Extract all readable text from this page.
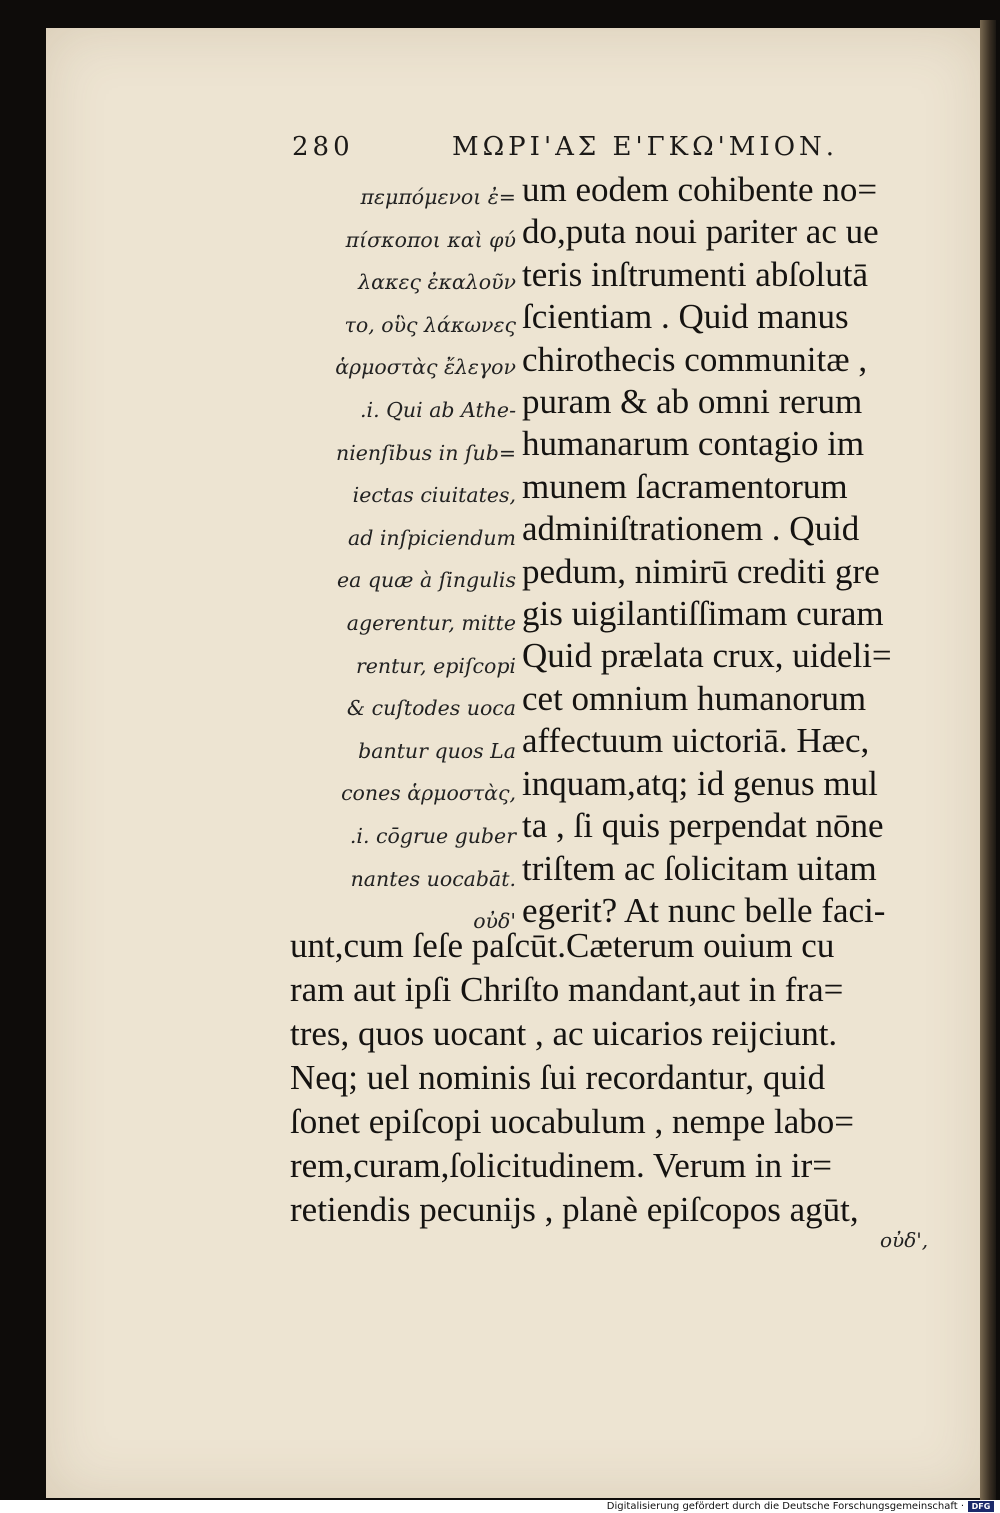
280	ΜΩΡΙ'ΑΣ Ε'ΓΚΩ'ΜΙΟΝ.
πεμπόμενοι ἐ=
πίσκοποι καὶ φύ
λακες ἐκαλοῦν
το, οὓς λάκωνες
ἁρμοστὰς ἔλεγον
.i. Qui ab Athe-
nienſibus in ſub=
iectas ciuitates,
ad inſpiciendum
ea quæ à ſingulis
agerentur, mitte
rentur, epiſcopi
& cuſtodes uoca
bantur quos La
cones ἁρμοστὰς,
.i. cōgrue guber
nantes uocabāt.
οὐδ'
um eodem cohibente no=
do,puta noui pariter ac ue
teris inſtrumenti abſolutā
ſcientiam . Quid manus
chirothecis communitæ ,
puram & ab omni rerum
humanarum contagio im
munem ſacramentorum
adminiſtrationem . Quid
pedum, nimirū crediti gre
gis uigilantiſſimam curam
Quid prælata crux, uideli=
cet omnium humanorum
affectuum uictoriā. Hæc,
inquam,atq; id genus mul
ta , ſi quis perpendat nōne
triſtem ac ſolicitam uitam
egerit? At nunc belle faci-
unt,cum ſeſe paſcūt.Cæterum ouium cu
ram aut ipſi Chriſto mandant,aut in fra=
tres, quos uocant , ac uicarios reijciunt.
Neq; uel nominis ſui recordantur, quid
ſonet epiſcopi uocabulum , nempe labo=
rem,curam,ſolicitudinem. Verum in ir=
retiendis pecunijs , planè epiſcopos agūt,
οὐδ',
Digitalisierung gefördert durch die Deutsche Forschungsgemeinschaft · DFG
